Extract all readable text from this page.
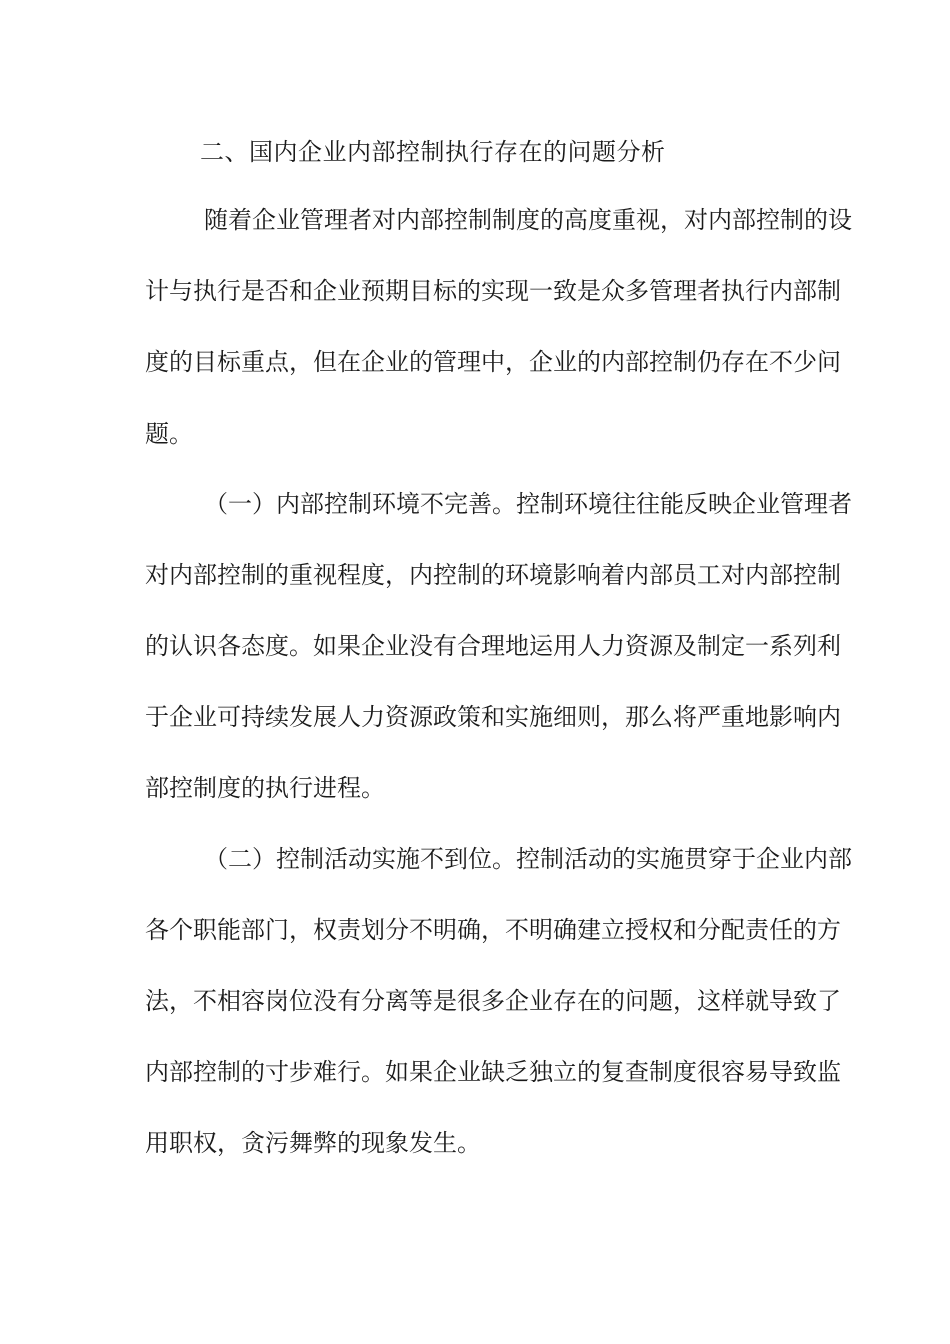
二、国内企业内部控制执行存在的问题分析
随着企业管理者对内部控制制度的高度重视，对内部控制的设
计与执行是否和企业预期目标的实现一致是众多管理者执行内部制
度的目标重点，但在企业的管理中，企业的内部控制仍存在不少问
题。
（一）内部控制环境不完善。控制环境往往能反映企业管理者
对内部控制的重视程度，内控制的环境影响着内部员工对内部控制
的认识各态度。如果企业没有合理地运用人力资源及制定一系列利
于企业可持续发展人力资源政策和实施细则，那么将严重地影响内
部控制度的执行进程。
（二）控制活动实施不到位。控制活动的实施贯穿于企业内部
各个职能部门，权责划分不明确，不明确建立授权和分配责任的方
法，不相容岗位没有分离等是很多企业存在的问题，这样就导致了
内部控制的寸步难行。如果企业缺乏独立的复查制度很容易导致监
用职权，贪污舞弊的现象发生。
